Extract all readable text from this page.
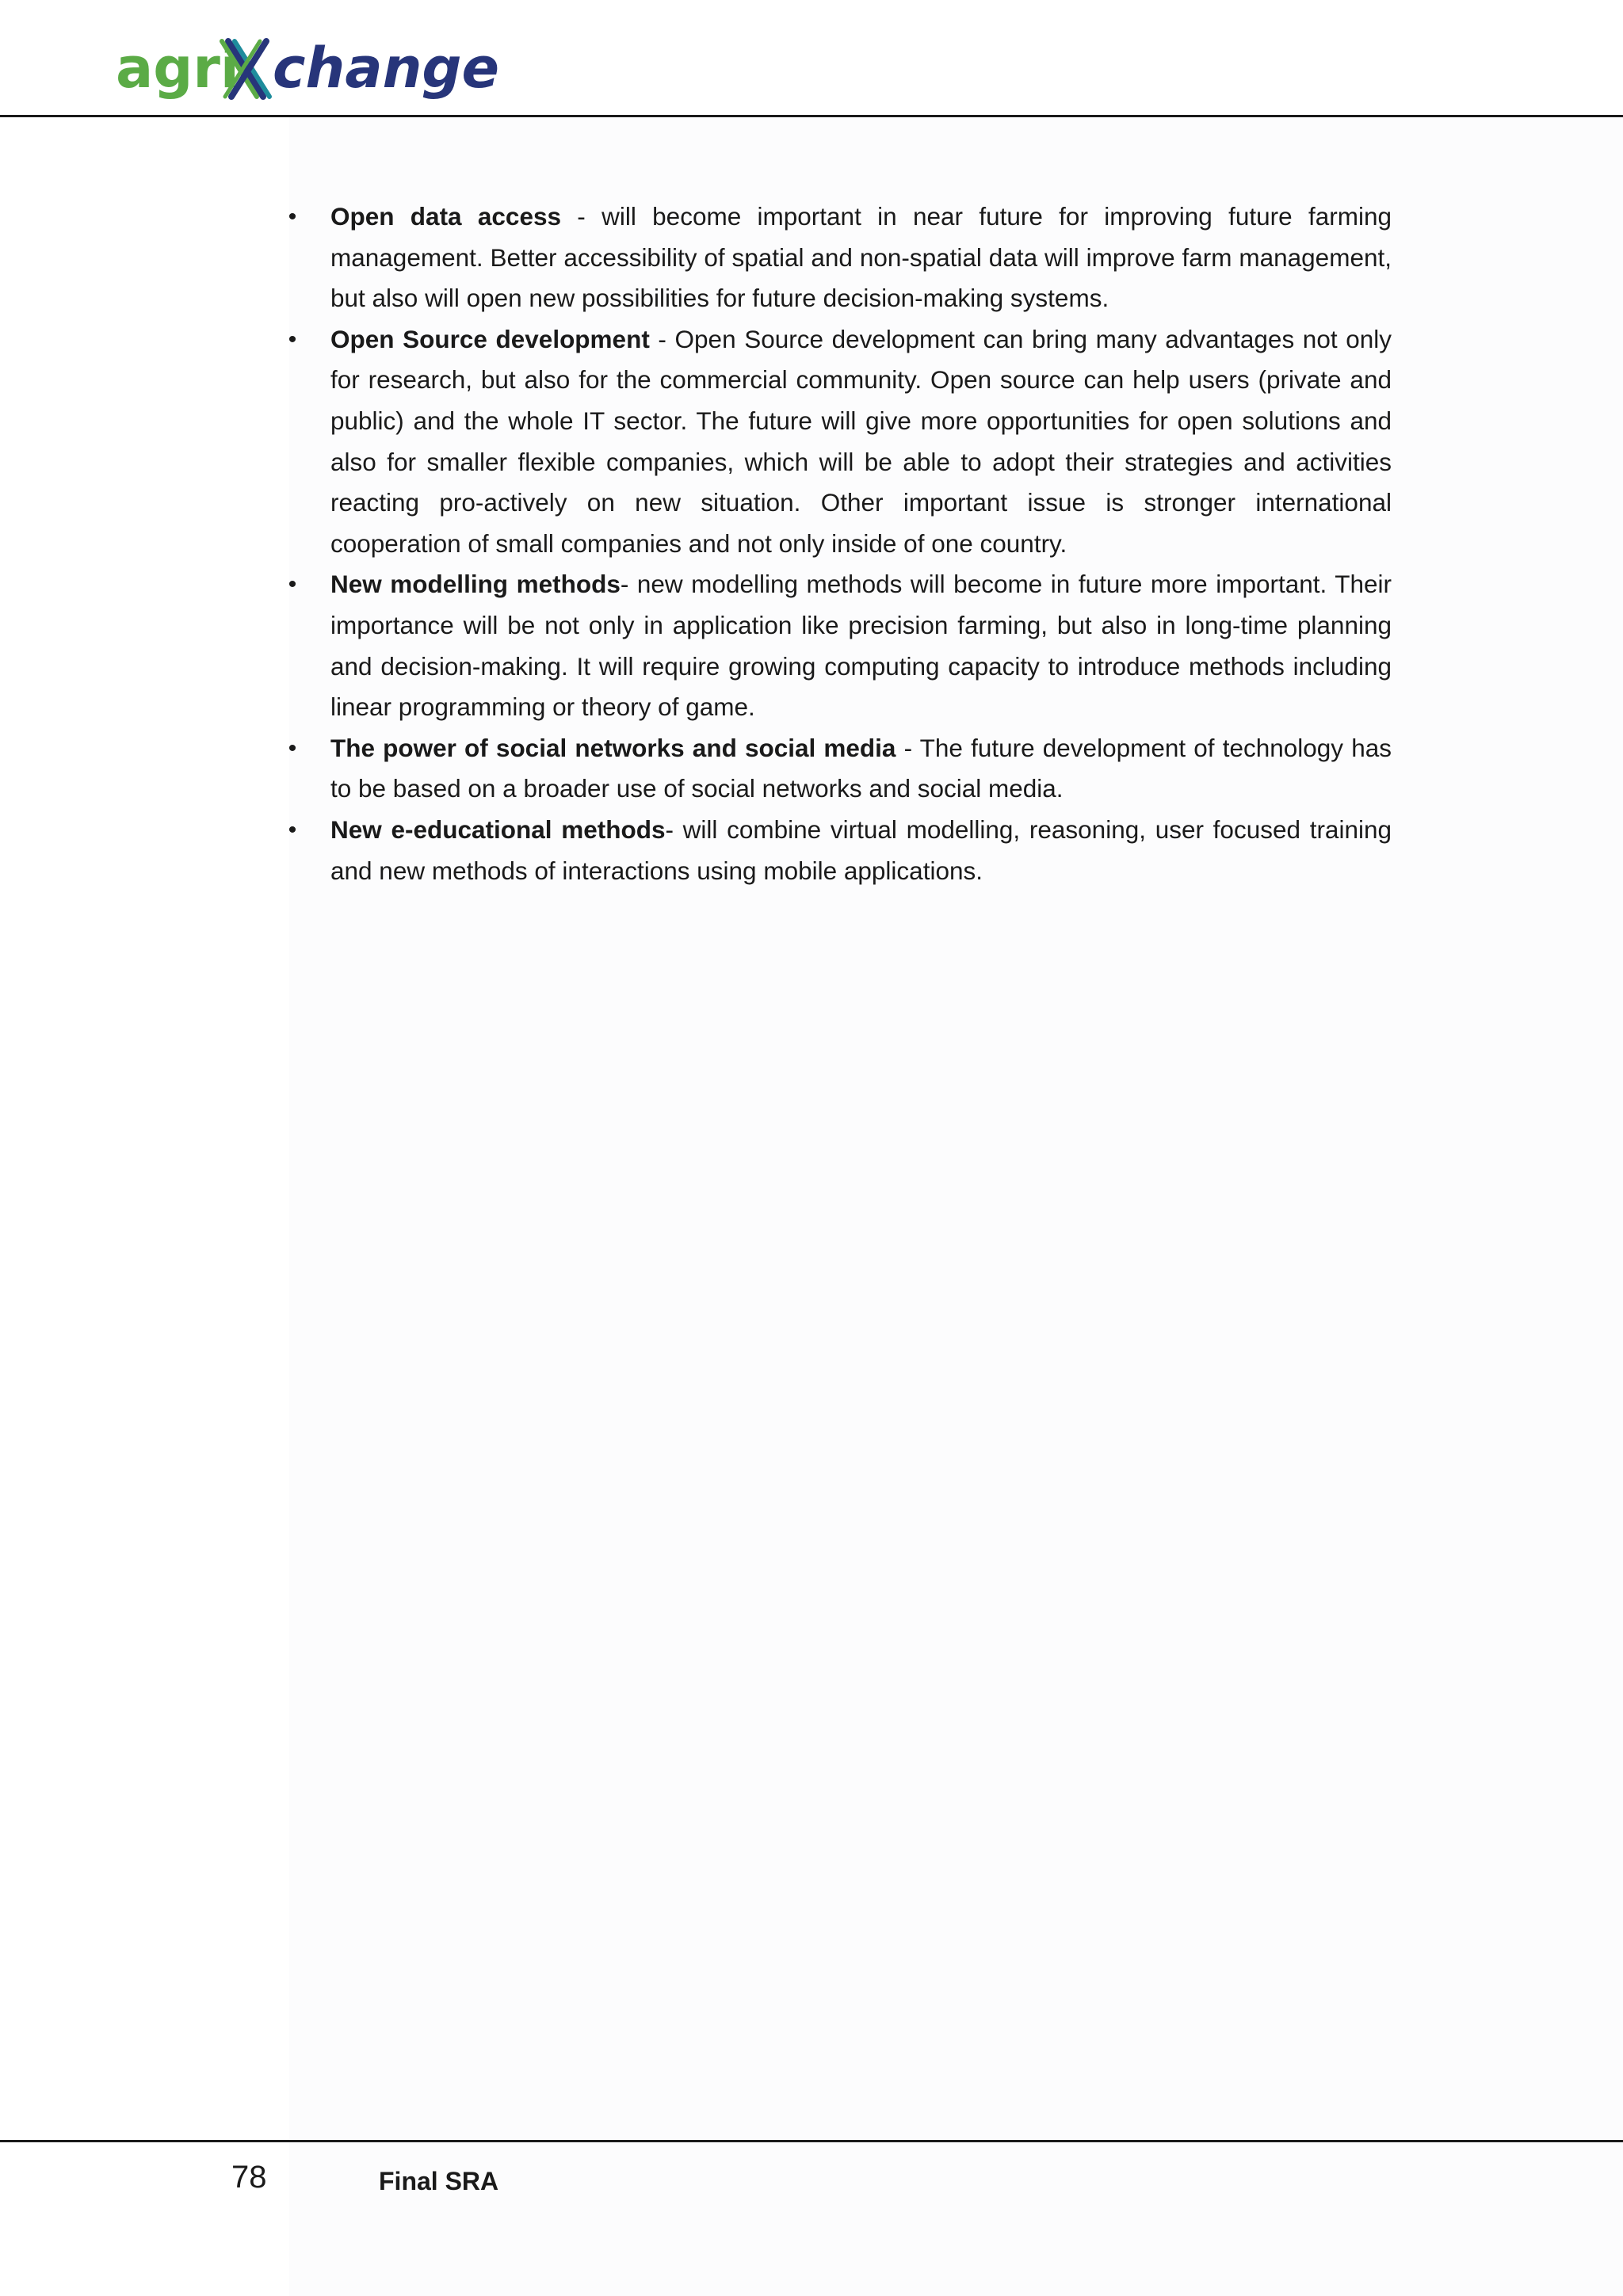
agri change
• Open data access - will become important in near future for improving future farming management. Better accessibility of spatial and non-spatial data will improve farm management, but also will open new possibilities for future decision-making systems.
• Open Source development - Open Source development can bring many advantages not only for research, but also for the commercial community. Open source can help users (private and public) and the whole IT sector. The future will give more opportunities for open solutions and also for smaller flexible companies, which will be able to adopt their strategies and activities reacting pro-actively on new situation. Other important issue is stronger international cooperation of small companies and not only inside of one country.
• New modelling methods- new modelling methods will become in future more important. Their importance will be not only in application like precision farming, but also in long-time planning and decision-making. It will require growing computing capacity to introduce methods including linear programming or theory of game.
• The power of social networks and social media - The future development of technology has to be based on a broader use of social networks and social media.
• New e-educational methods- will combine virtual modelling, reasoning, user focused training and new methods of interactions using mobile applications.
78	Final SRA
